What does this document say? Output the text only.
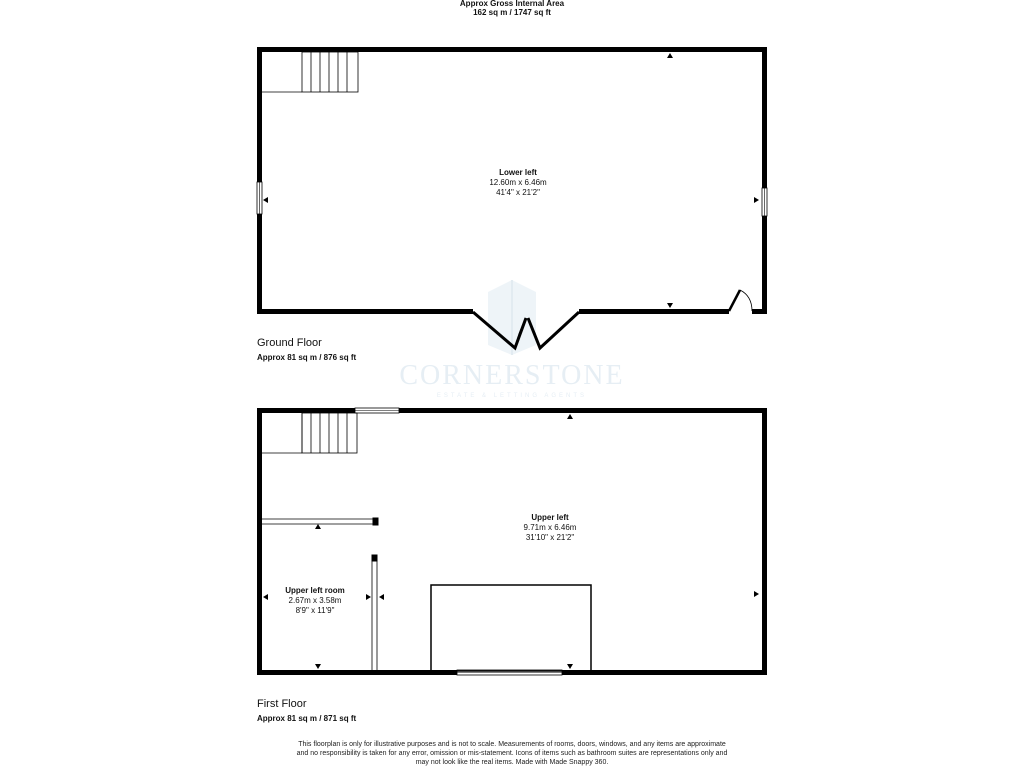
CORNERSTONE
ESTATE & LETTING AGENTS
Approx Gross Internal Area
162 sq m / 1747 sq ft
Lower left
12.60m x 6.46m
41'4" x 21'2"
Ground Floor
Approx 81 sq m / 876 sq ft
Upper left
9.71m x 6.46m
31'10" x 21'2"
Upper left room
2.67m x 3.58m
8'9" x 11'9"
First Floor
Approx 81 sq m / 871 sq ft
This floorplan is only for illustrative purposes and is not to scale. Measurements of rooms, doors, windows, and any items are approximate
and no responsibility is taken for any error, omission or mis-statement. Icons of items such as bathroom suites are representations only and
may not look like the real items. Made with Made Snappy 360.
